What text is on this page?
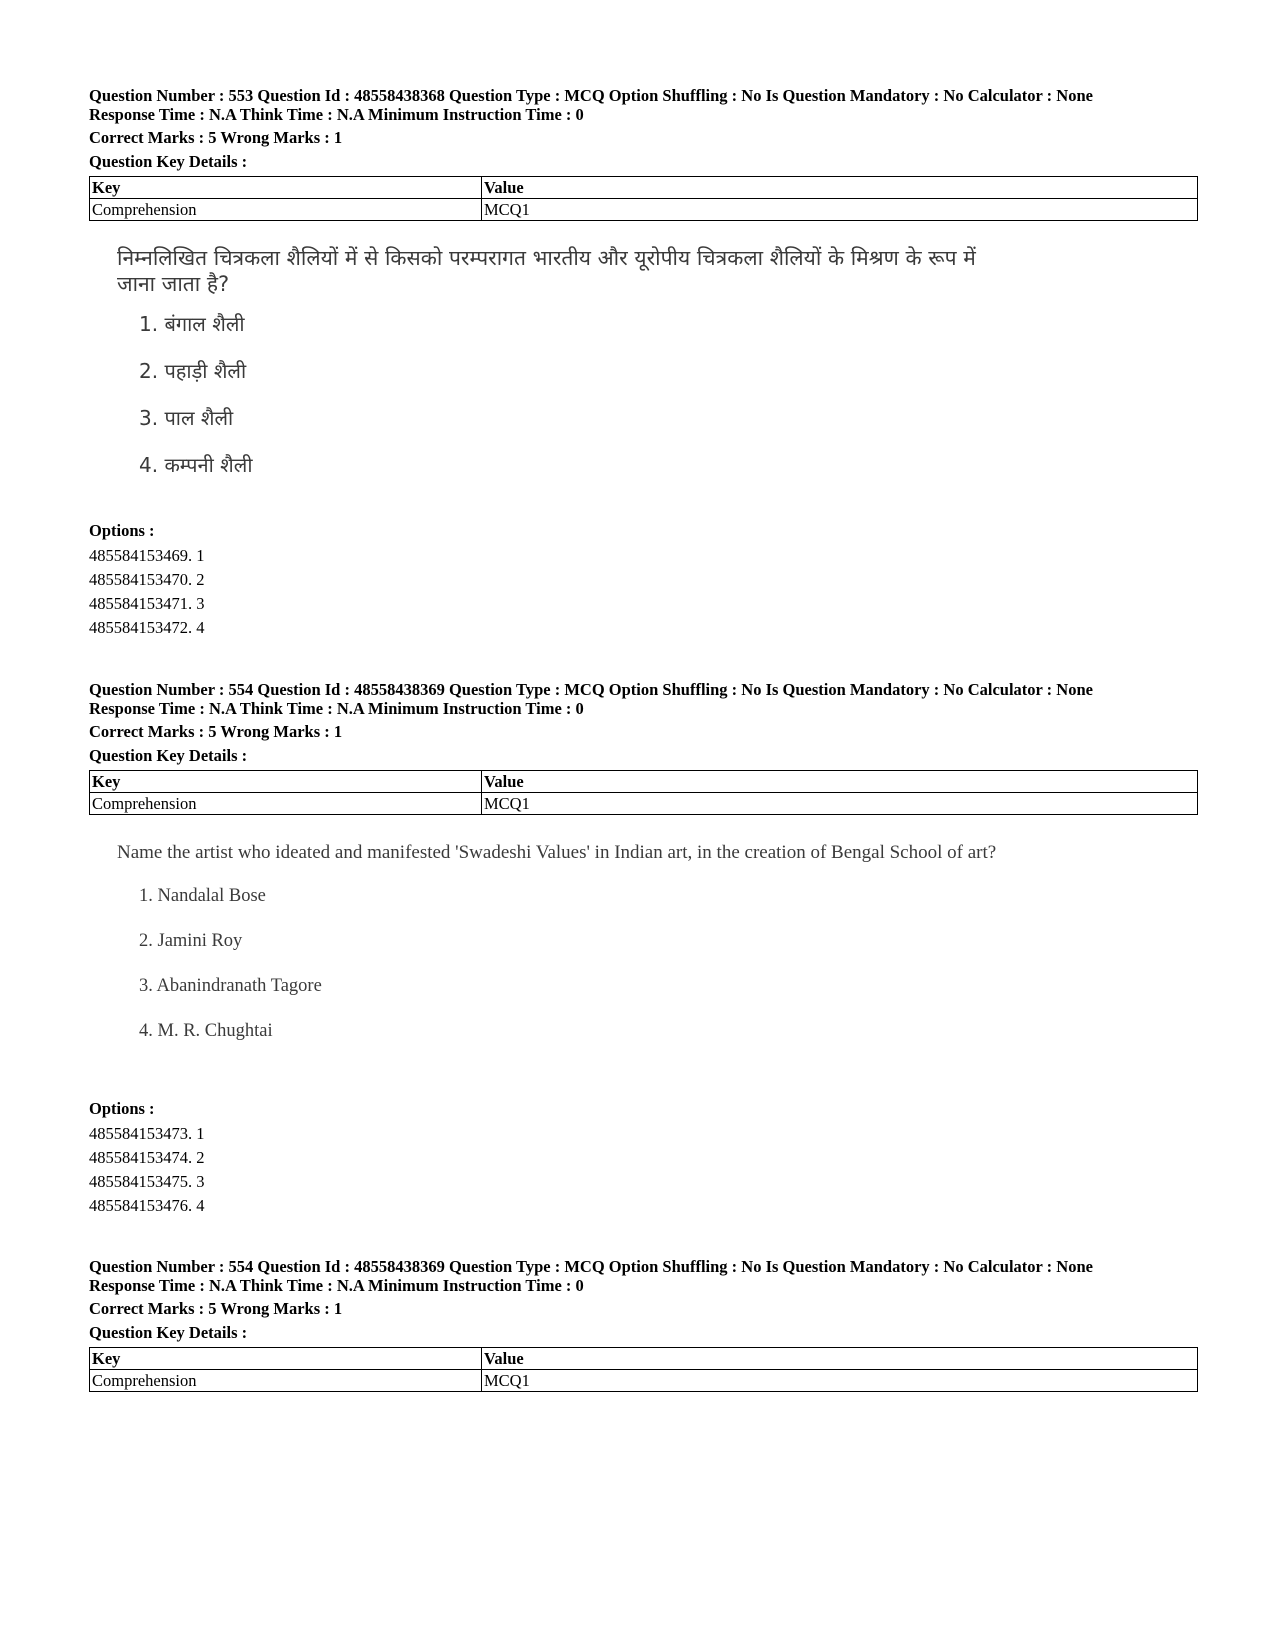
Question Number : 553 Question Id : 48558438368 Question Type : MCQ Option Shuffling : No Is Question Mandatory : No Calculator : None

Response Time : N.A Think Time : N.A Minimum Instruction Time : 0

Correct Marks : 5 Wrong Marks : 1
Question Key Details :
Key	Value
Comprehension	MCQ1
निम्नलिखित चित्रकला शैलियों में से किसको परम्परागत भारतीय और यूरोपीय चित्रकला शैलियों के मिश्रण के रूप में जाना जाता है?
1. बंगाल शैली
2. पहाड़ी शैली
3. पाल शैली
4. कम्पनी शैली
Options :
485584153469. 1
485584153470. 2
485584153471. 3
485584153472. 4

Question Number : 554 Question Id : 48558438369 Question Type : MCQ Option Shuffling : No Is Question Mandatory : No Calculator : None

Response Time : N.A Think Time : N.A Minimum Instruction Time : 0

Correct Marks : 5 Wrong Marks : 1
Question Key Details :
Key	Value
Comprehension	MCQ1
Name the artist who ideated and manifested 'Swadeshi Values' in Indian art, in the creation of Bengal School of art?
1. Nandalal Bose
2. Jamini Roy
3. Abanindranath Tagore
4. M. R. Chughtai
Options :
485584153473. 1
485584153474. 2
485584153475. 3
485584153476. 4

Question Number : 554 Question Id : 48558438369 Question Type : MCQ Option Shuffling : No Is Question Mandatory : No Calculator : None

Response Time : N.A Think Time : N.A Minimum Instruction Time : 0

Correct Marks : 5 Wrong Marks : 1
Question Key Details :
Key	Value
Comprehension	MCQ1
